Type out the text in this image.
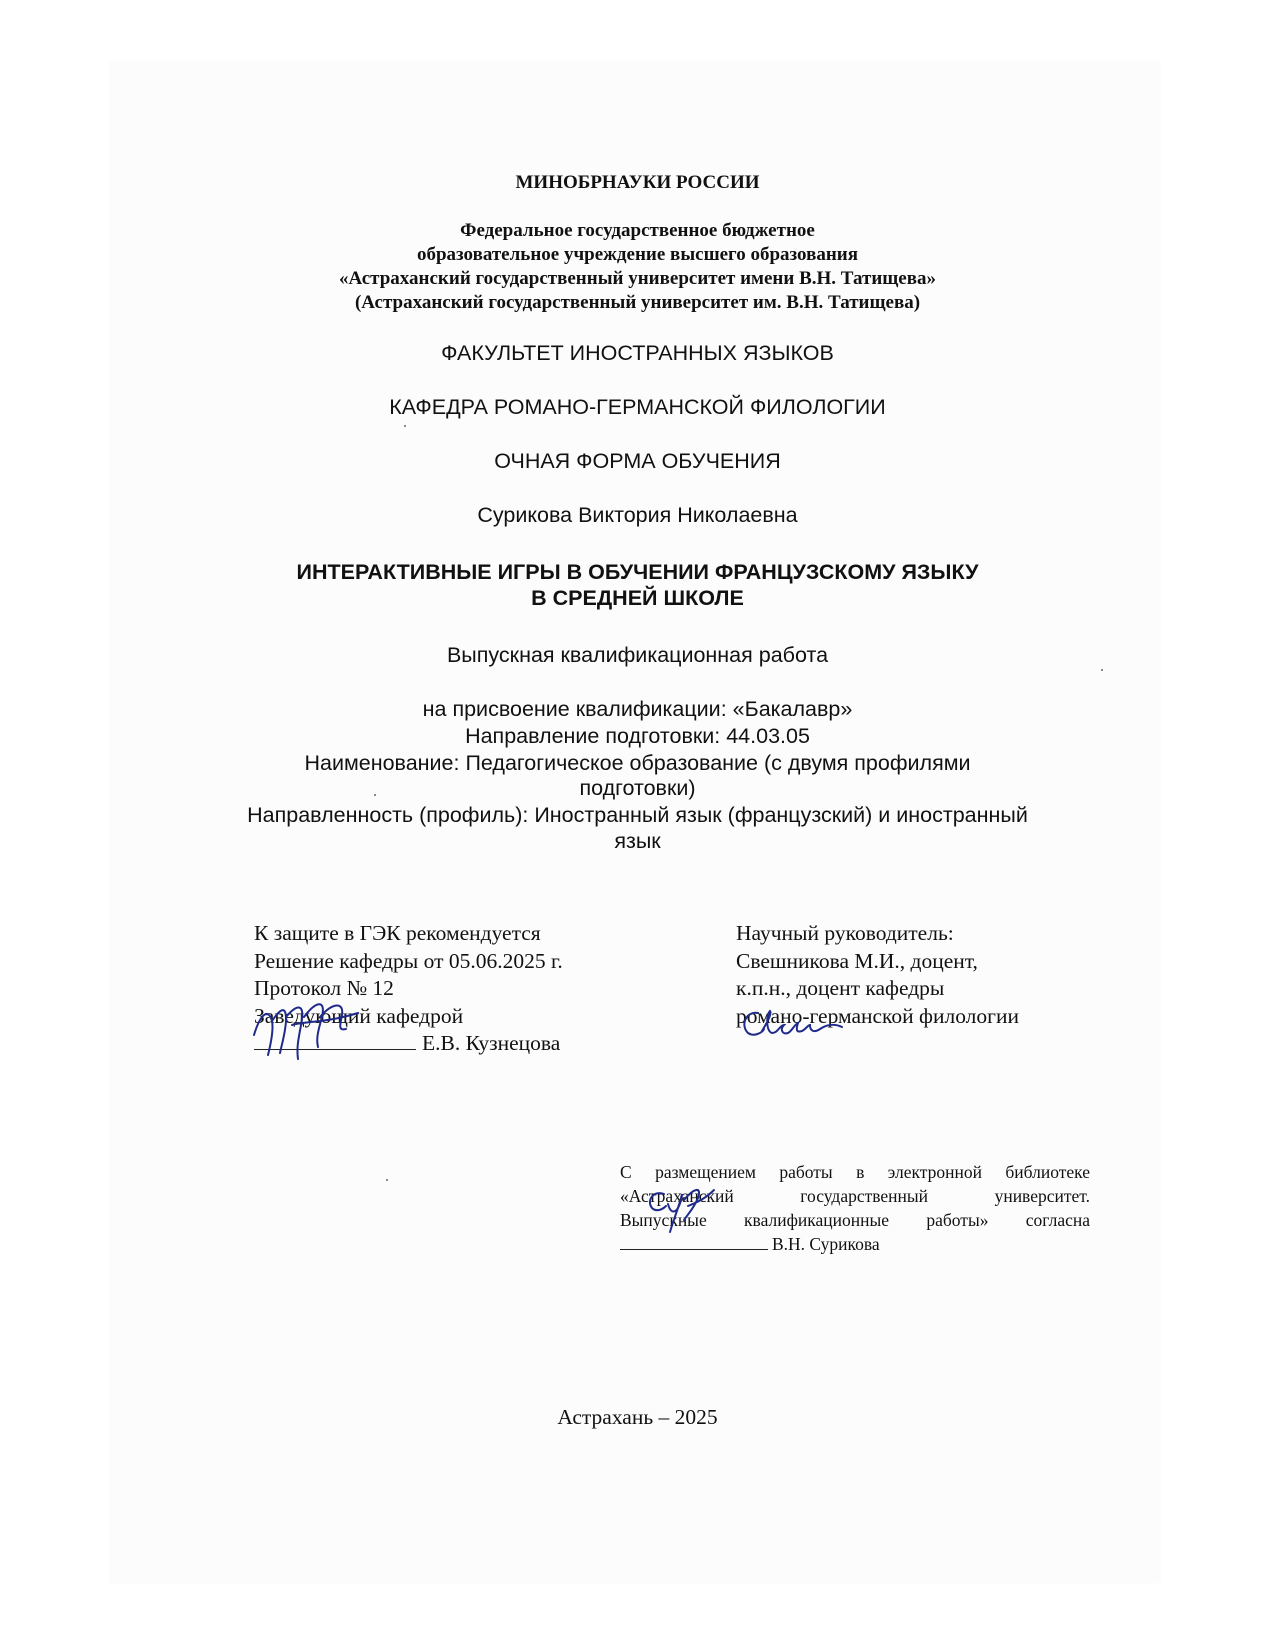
МИНОБРНАУКИ РОССИИ
Федеральное государственное бюджетное
образовательное учреждение высшего образования
«Астраханский государственный университет имени В.Н. Татищева»
(Астраханский государственный университет им. В.Н. Татищева)
ФАКУЛЬТЕТ ИНОСТРАННЫХ ЯЗЫКОВ
КАФЕДРА РОМАНО-ГЕРМАНСКОЙ ФИЛОЛОГИИ
ОЧНАЯ ФОРМА ОБУЧЕНИЯ
Сурикова Виктория Николаевна
ИНТЕРАКТИВНЫЕ ИГРЫ В ОБУЧЕНИИ ФРАНЦУЗСКОМУ ЯЗЫКУ
В СРЕДНЕЙ ШКОЛЕ
Выпускная квалификационная работа
на присвоение квалификации: «Бакалавр»
Направление подготовки: 44.03.05
Наименование: Педагогическое образование (с двумя профилями
подготовки)
Направленность (профиль): Иностранный язык (французский) и иностранный
язык
К защите в ГЭК рекомендуется
Решение кафедры от 05.06.2025 г.
Протокол № 12
Заведующий кафедрой
Е.В. Кузнецова
Научный руководитель:
Свешникова М.И., доцент,
к.п.н., доцент кафедры
романо-германской филологии
С размещением работы в электронной библиотеке
«Астраханский государственный университет.
Выпускные квалификационные работы» согласна
В.Н. Сурикова
Астрахань – 2025
